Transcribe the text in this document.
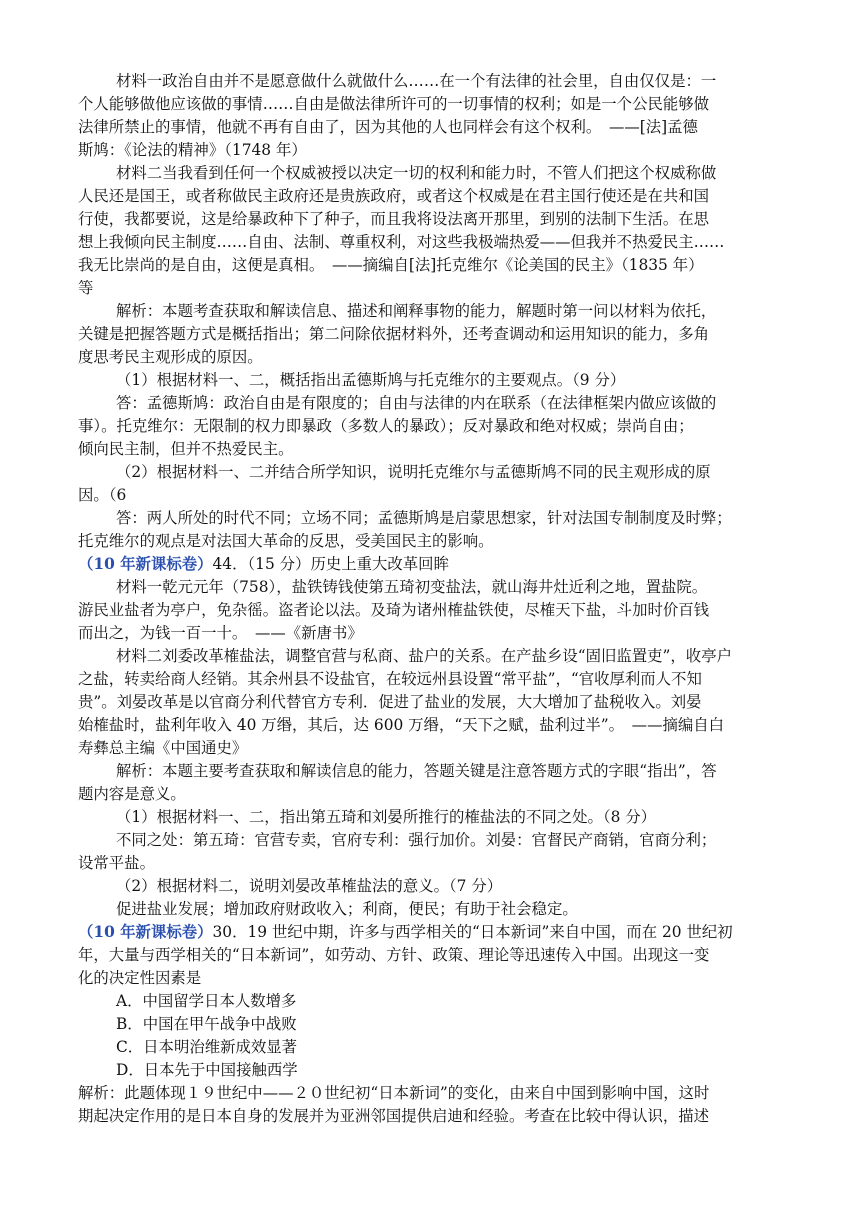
材料一政治自由并不是愿意做什么就做什么……在一个有法律的社会里，自由仅仅是：一
个人能够做他应该做的事情……自由是做法律所许可的一切事情的权利；如是一个公民能够做
法律所禁止的事情，他就不再有自由了，因为其他的人也同样会有这个权利。　——[法]孟德
斯鸠：《论法的精神》（1748 年）
材料二当我看到任何一个权威被授以决定一切的权利和能力时，不管人们把这个权威称做
人民还是国王，或者称做民主政府还是贵族政府，或者这个权威是在君主国行使还是在共和国
行使，我都要说，这是给暴政种下了种子，而且我将设法离开那里，到别的法制下生活。在思
想上我倾向民主制度……自由、法制、尊重权利，对这些我极端热爱——但我并不热爱民主……
我无比崇尚的是自由，这便是真相。　——摘编自[法]托克维尔《论美国的民主》（1835 年）
等
解析：本题考查获取和解读信息、描述和阐释事物的能力，解题时第一问以材料为依托，
关键是把握答题方式是概括指出；第二问除依据材料外，还考查调动和运用知识的能力，多角
度思考民主观形成的原因。
（1）根据材料一、二，概括指出孟德斯鸠与托克维尔的主要观点。（9 分）
答：孟德斯鸠：政治自由是有限度的；自由与法律的内在联系（在法律框架内做应该做的
事）。托克维尔：无限制的权力即暴政（多数人的暴政）；反对暴政和绝对权威；崇尚自由；
倾向民主制，但并不热爱民主。
（2）根据材料一、二并结合所学知识，说明托克维尔与孟德斯鸠不同的民主观形成的原
因。（6
答：两人所处的时代不同；立场不同；孟德斯鸠是启蒙思想家，针对法国专制制度及时弊；
托克维尔的观点是对法国大革命的反思，受美国民主的影响。
（10 年新课标卷）44．（15 分）历史上重大改革回眸
材料一乾元元年（758），盐铁铸钱使第五琦初变盐法，就山海井灶近利之地，置盐院。
游民业盐者为亭户，免杂徭。盗者论以法。及琦为诸州榷盐铁使，尽榷天下盐，斗加时价百钱
而出之，为钱一百一十。　——《新唐书》
材料二刘委改革榷盐法，调整官营与私商、盐户的关系。在产盐乡设“固旧监置吏”，收亭户
之盐，转卖给商人经销。其余州县不设盐官，在较远州县设置“常平盐”，“官收厚利而人不知
贵”。刘晏改革是以官商分利代替官方专利．促进了盐业的发展，大大增加了盐税收入。刘晏
始榷盐时，盐利年收入 40 万缗，其后，达 600 万缗，“天下之赋，盐利过半”。　——摘编自白
寿彝总主编《中国通史》
解析：本题主要考查获取和解读信息的能力，答题关键是注意答题方式的字眼“指出”，答
题内容是意义。
（1）根据材料一、二，指出第五琦和刘晏所推行的榷盐法的不同之处。（8 分）
不同之处：第五琦：官营专卖，官府专利：强行加价。刘晏：官督民产商销，官商分利；
设常平盐。
（2）根据材料二，说明刘晏改革榷盐法的意义。（7 分）
促进盐业发展；增加政府财政收入；利商，便民；有助于社会稳定。
（10 年新课标卷）30．19 世纪中期，许多与西学相关的“日本新词”来自中国，而在 20 世纪初
年，大量与西学相关的“日本新词”，如劳动、方针、政策、理论等迅速传入中国。出现这一变
化的决定性因素是
A．中国留学日本人数增多
B．中国在甲午战争中战败
C．日本明治维新成效显著
D．日本先于中国接触西学
解析：此题体现１９世纪中——２０世纪初“日本新词”的变化，由来自中国到影响中国，这时
期起决定作用的是日本自身的发展并为亚洲邻国提供启迪和经验。考查在比较中得认识，描述
